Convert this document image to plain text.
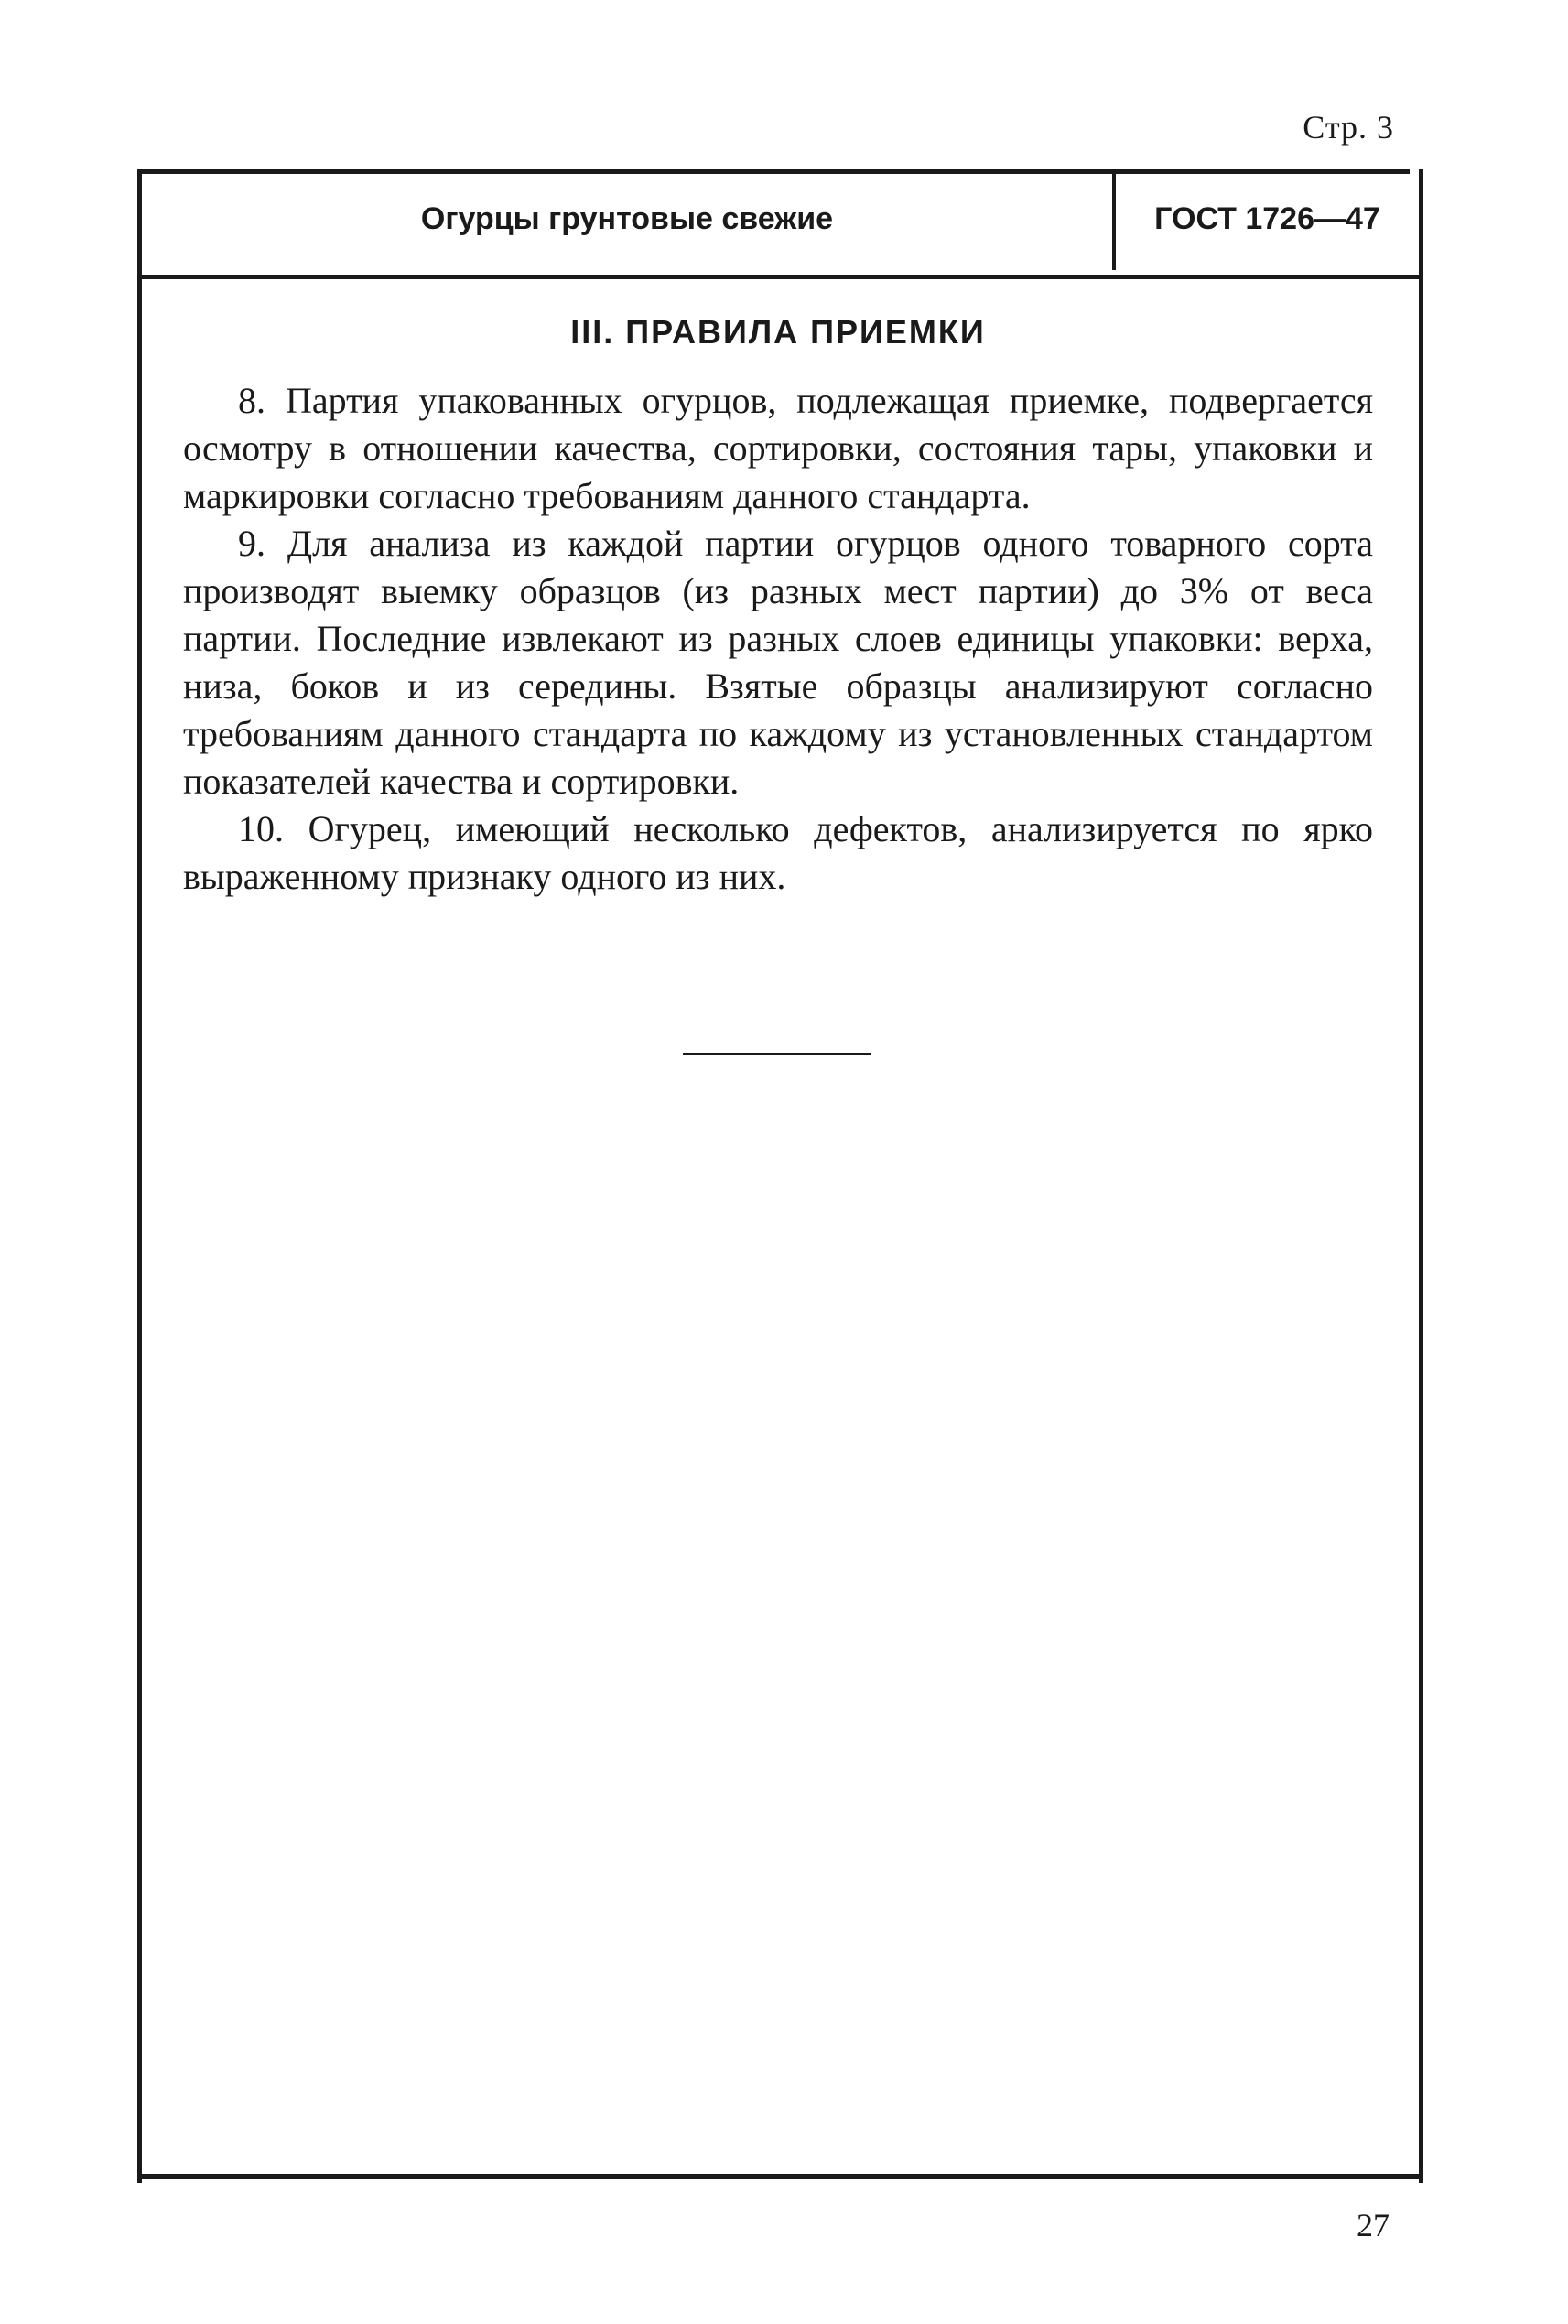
Стр. 3
Огурцы грунтовые свежие	ГОСТ 1726—47
III. ПРАВИЛА ПРИЕМКИ

8. Партия упакованных огурцов, подлежащая приемке, подвергается осмотру в отношении качества, сортировки, состояния тары, упаковки и маркировки согласно требованиям данного стандарта.

9. Для анализа из каждой партии огурцов одного товарного сорта производят выемку образцов (из разных мест партии) до 3% от веса партии. Последние извлекают из разных слоев единицы упаковки: верха, низа, боков и из середины. Взятые образцы анализируют согласно требованиям данного стандарта по каждому из установленных стандартом показателей качества и сортировки.

10. Огурец, имеющий несколько дефектов, анализируется по ярко выраженному признаку одного из них.

27
